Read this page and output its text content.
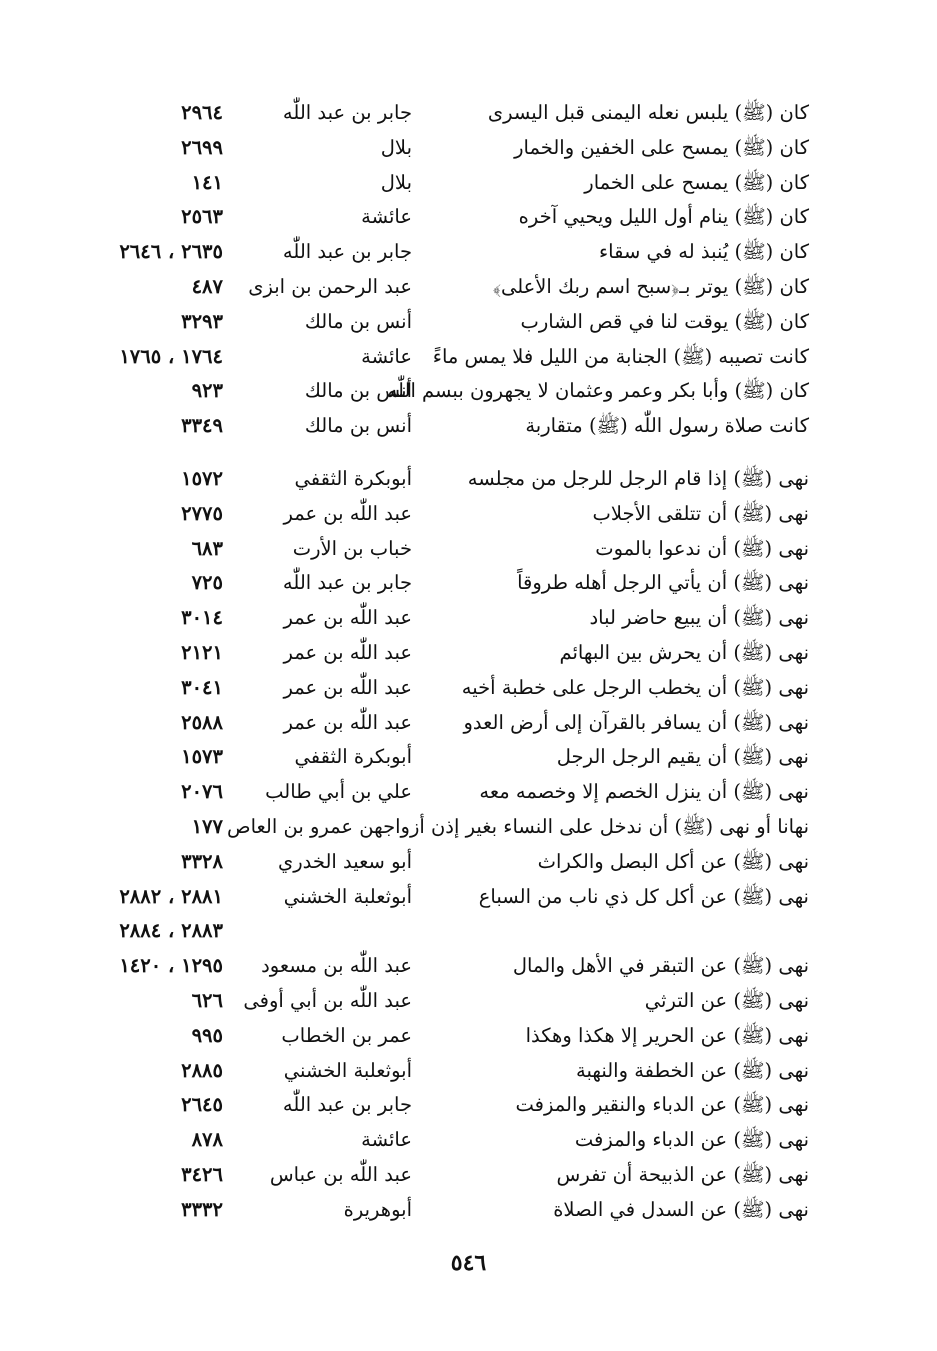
كان (ﷺ) يلبس نعله اليمنى قبل اليسرى
جابر بن عبد اللّٰه
٢٩٦٤
كان (ﷺ) يمسح على الخفين والخمار
بلال
٢٦٩٩
كان (ﷺ) يمسح على الخمار
بلال
١٤١
كان (ﷺ) ينام أول الليل ويحيي آخره
عائشة
٢٥٦٣
كان (ﷺ) يُنبذ له في سقاء
جابر بن عبد اللّٰه
٢٦٣٥ ، ٢٦٤٦
كان (ﷺ) يوتر بـ﴿سبح اسم ربك الأعلى﴾
عبد الرحمن بن ابزى
٤٨٧
كان (ﷺ) يوقت لنا في قص الشارب
أنس بن مالك
٣٢٩٣
كانت تصيبه (ﷺ) الجنابة من الليل فلا يمس ماءً
عائشة
١٧٦٤ ، ١٧٦٥
كان (ﷺ) وأبا بكر وعمر وعثمان لا يجهرون ببسم اللّٰه
أنس بن مالك
٩٢٣
كانت صلاة رسول اللّٰه (ﷺ) متقاربة
أنس بن مالك
٣٣٤٩
نهى (ﷺ) إذا قام الرجل للرجل من مجلسه
أبوبكرة الثقفي
١٥٧٢
نهى (ﷺ) أن تتلقى الأجلاب
عبد اللّٰه بن عمر
٢٧٧٥
نهى (ﷺ) أن ندعوا بالموت
خباب بن الأرت
٦٨٣
نهى (ﷺ) أن يأتي الرجل أهله طروقاً
جابر بن عبد اللّٰه
٧٢٥
نهى (ﷺ) أن يبيع حاضر لباد
عبد اللّٰه بن عمر
٣٠١٤
نهى (ﷺ) أن يحرش بين البهائم
عبد اللّٰه بن عمر
٢١٢١
نهى (ﷺ) أن يخطب الرجل على خطبة أخيه
عبد اللّٰه بن عمر
٣٠٤١
نهى (ﷺ) أن يسافر بالقرآن إلى أرض العدو
عبد اللّٰه بن عمر
٢٥٨٨
نهى (ﷺ) أن يقيم الرجل الرجل
أبوبكرة الثقفي
١٥٧٣
نهى (ﷺ) أن ينزل الخصم إلا وخصمه معه
علي بن أبي طالب
٢٠٧٦
نهانا أو نهى (ﷺ) أن ندخل على النساء بغير إذن أزواجهن عمرو بن العاص
١٧٧
نهى (ﷺ) عن أكل البصل والكراث
أبو سعيد الخدري
٣٣٢٨
نهى (ﷺ) عن أكل كل ذي ناب من السباع
أبوثعلبة الخشني
٢٨٨١ ، ٢٨٨٢
٢٨٨٣ ، ٢٨٨٤
نهى (ﷺ) عن التبقر في الأهل والمال
عبد اللّٰه بن مسعود
١٢٩٥ ، ١٤٢٠
نهى (ﷺ) عن الترثي
عبد اللّٰه بن أبي أوفى
٦٢٦
نهى (ﷺ) عن الحرير إلا هكذا وهكذا
عمر بن الخطاب
٩٩٥
نهى (ﷺ) عن الخطفة والنهبة
أبوثعلبة الخشني
٢٨٨٥
نهى (ﷺ) عن الدباء والنقير والمزفت
جابر بن عبد اللّٰه
٢٦٤٥
نهى (ﷺ) عن الدباء والمزفت
عائشة
٨٧٨
نهى (ﷺ) عن الذبيحة أن تفرس
عبد اللّٰه بن عباس
٣٤٢٦
نهى (ﷺ) عن السدل في الصلاة
أبوهريرة
٣٣٣٢
٥٤٦
